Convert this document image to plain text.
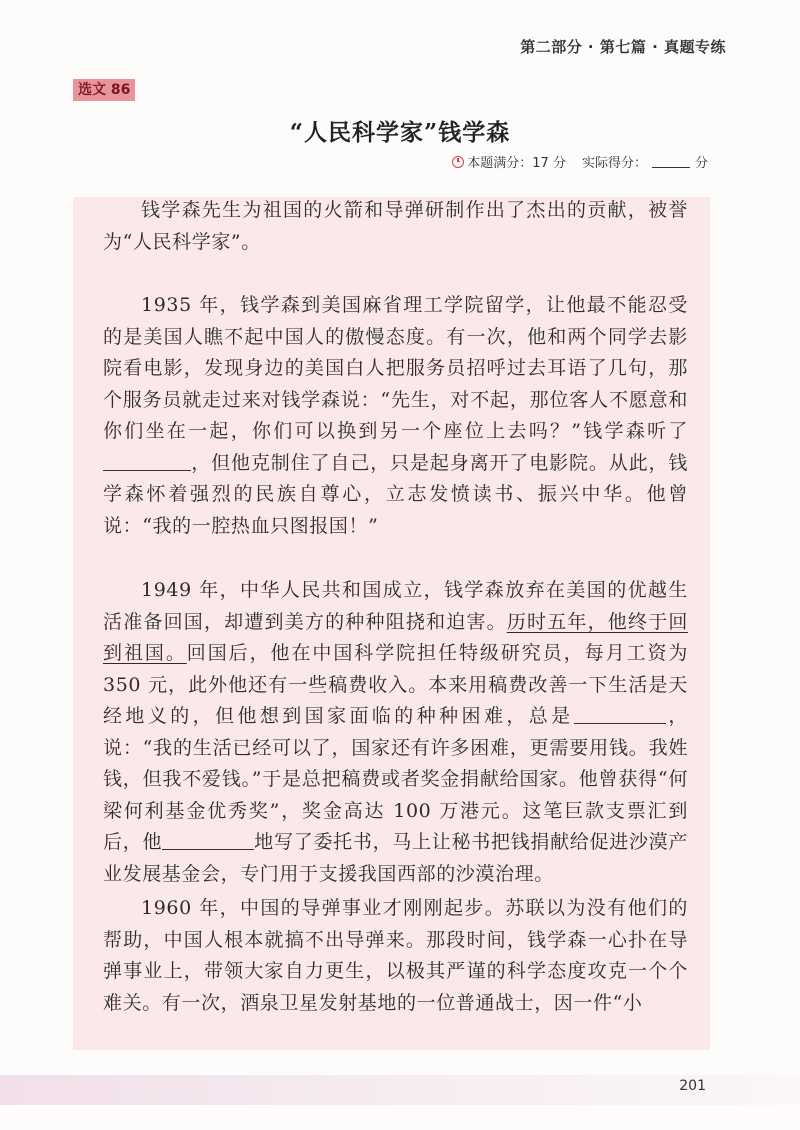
第二部分 · 第七篇 · 真题专练
选文 86
“人民科学家”钱学森
本题满分：17 分 实际得分：	分

钱学森先生为祖国的火箭和导弹研制作出了杰出的贡献，被誉为“人民科学家”。

1935 年，钱学森到美国麻省理工学院留学，让他最不能忍受的是美国人瞧不起中国人的傲慢态度。有一次，他和两个同学去影院看电影，发现身边的美国白人把服务员招呼过去耳语了几句，那个服务员就走过来对钱学森说：“先生，对不起，那位客人不愿意和你们坐在一起，你们可以换到另一个座位上去吗？”钱学森听了，但他克制住了自己，只是起身离开了电影院。从此，钱学森怀着强烈的民族自尊心，立志发愤读书、振兴中华。他曾说：“我的一腔热血只图报国！”

1949 年，中华人民共和国成立，钱学森放弃在美国的优越生活准备回国，却遭到美方的种种阻挠和迫害。历时五年，他终于回到祖国。回国后，他在中国科学院担任特级研究员，每月工资为 350 元，此外他还有一些稿费收入。本来用稿费改善一下生活是天经地义的，但他想到国家面临的种种困难，总是	，说：“我的生活已经可以了，国家还有许多困难，更需要用钱。我姓钱，但我不爱钱。”于是总把稿费或者奖金捐献给国家。他曾获得“何梁何利基金优秀奖”，奖金高达 100 万港元。这笔巨款支票汇到后，他	地写了委托书，马上让秘书把钱捐献给促进沙漠产业发展基金会，专门用于支援我国西部的沙漠治理。

1960 年，中国的导弹事业才刚刚起步。苏联以为没有他们的帮助，中国人根本就搞不出导弹来。那段时间，钱学森一心扑在导弹事业上，带领大家自力更生，以极其严谨的科学态度攻克一个个难关。有一次，酒泉卫星发射基地的一位普通战士，因一件“小

201
